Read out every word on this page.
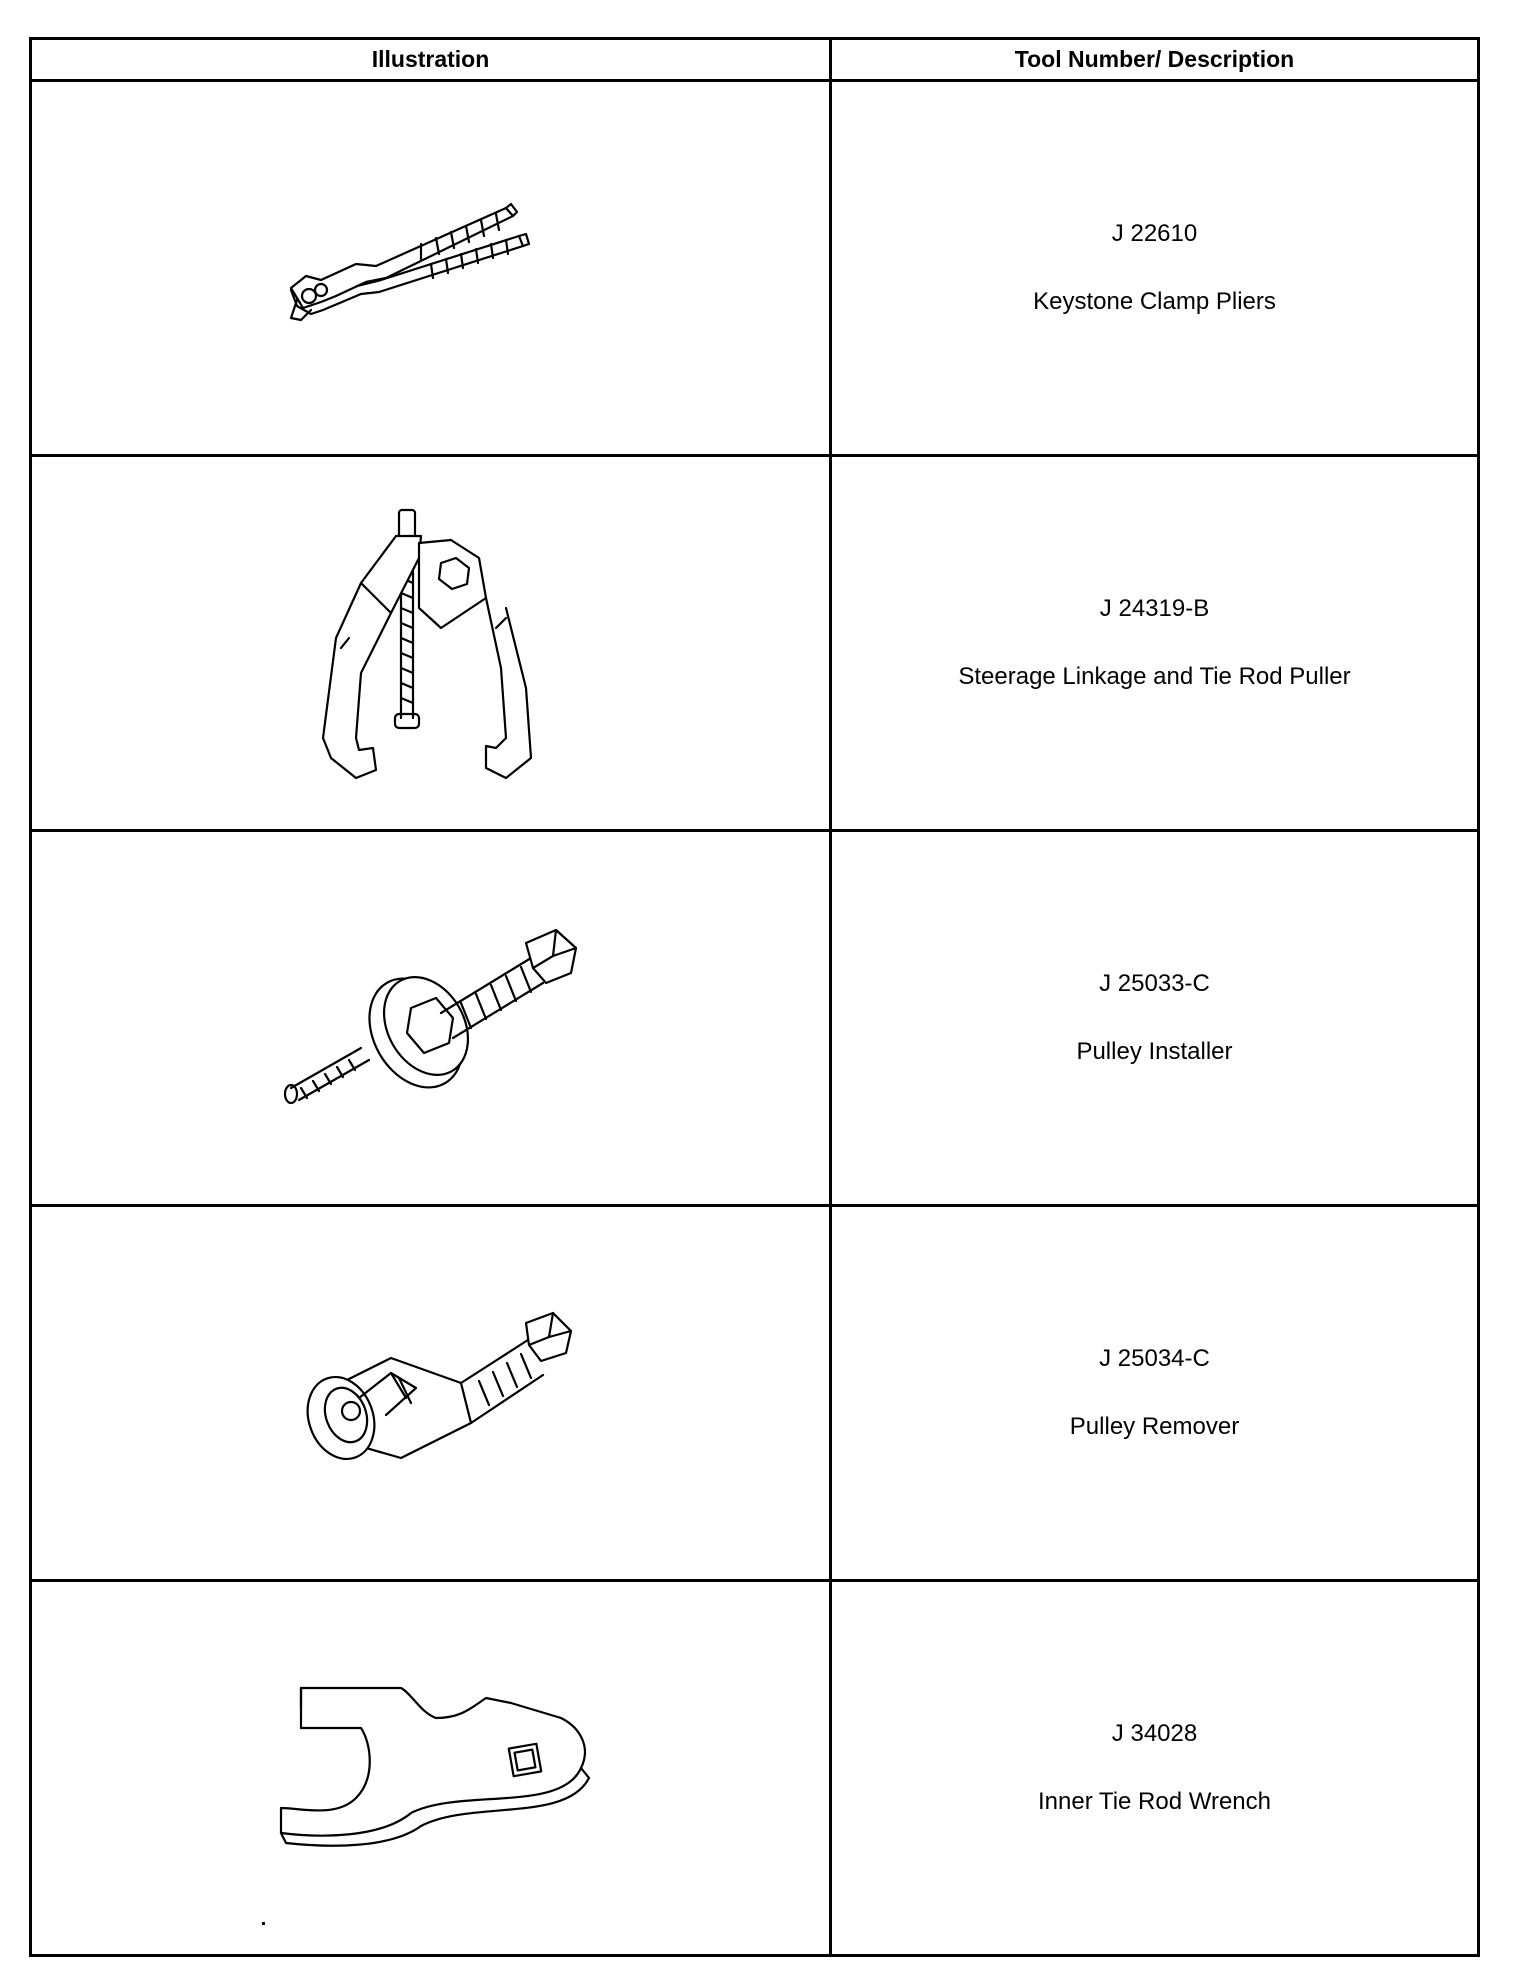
Illustration	Tool Number/ Description

J 22610
Keystone Clamp Pliers

J 24319-B
Steerage Linkage and Tie Rod Puller

J 25033-C
Pulley Installer

J 25034-C
Pulley Remover

J 34028
Inner Tie Rod Wrench
